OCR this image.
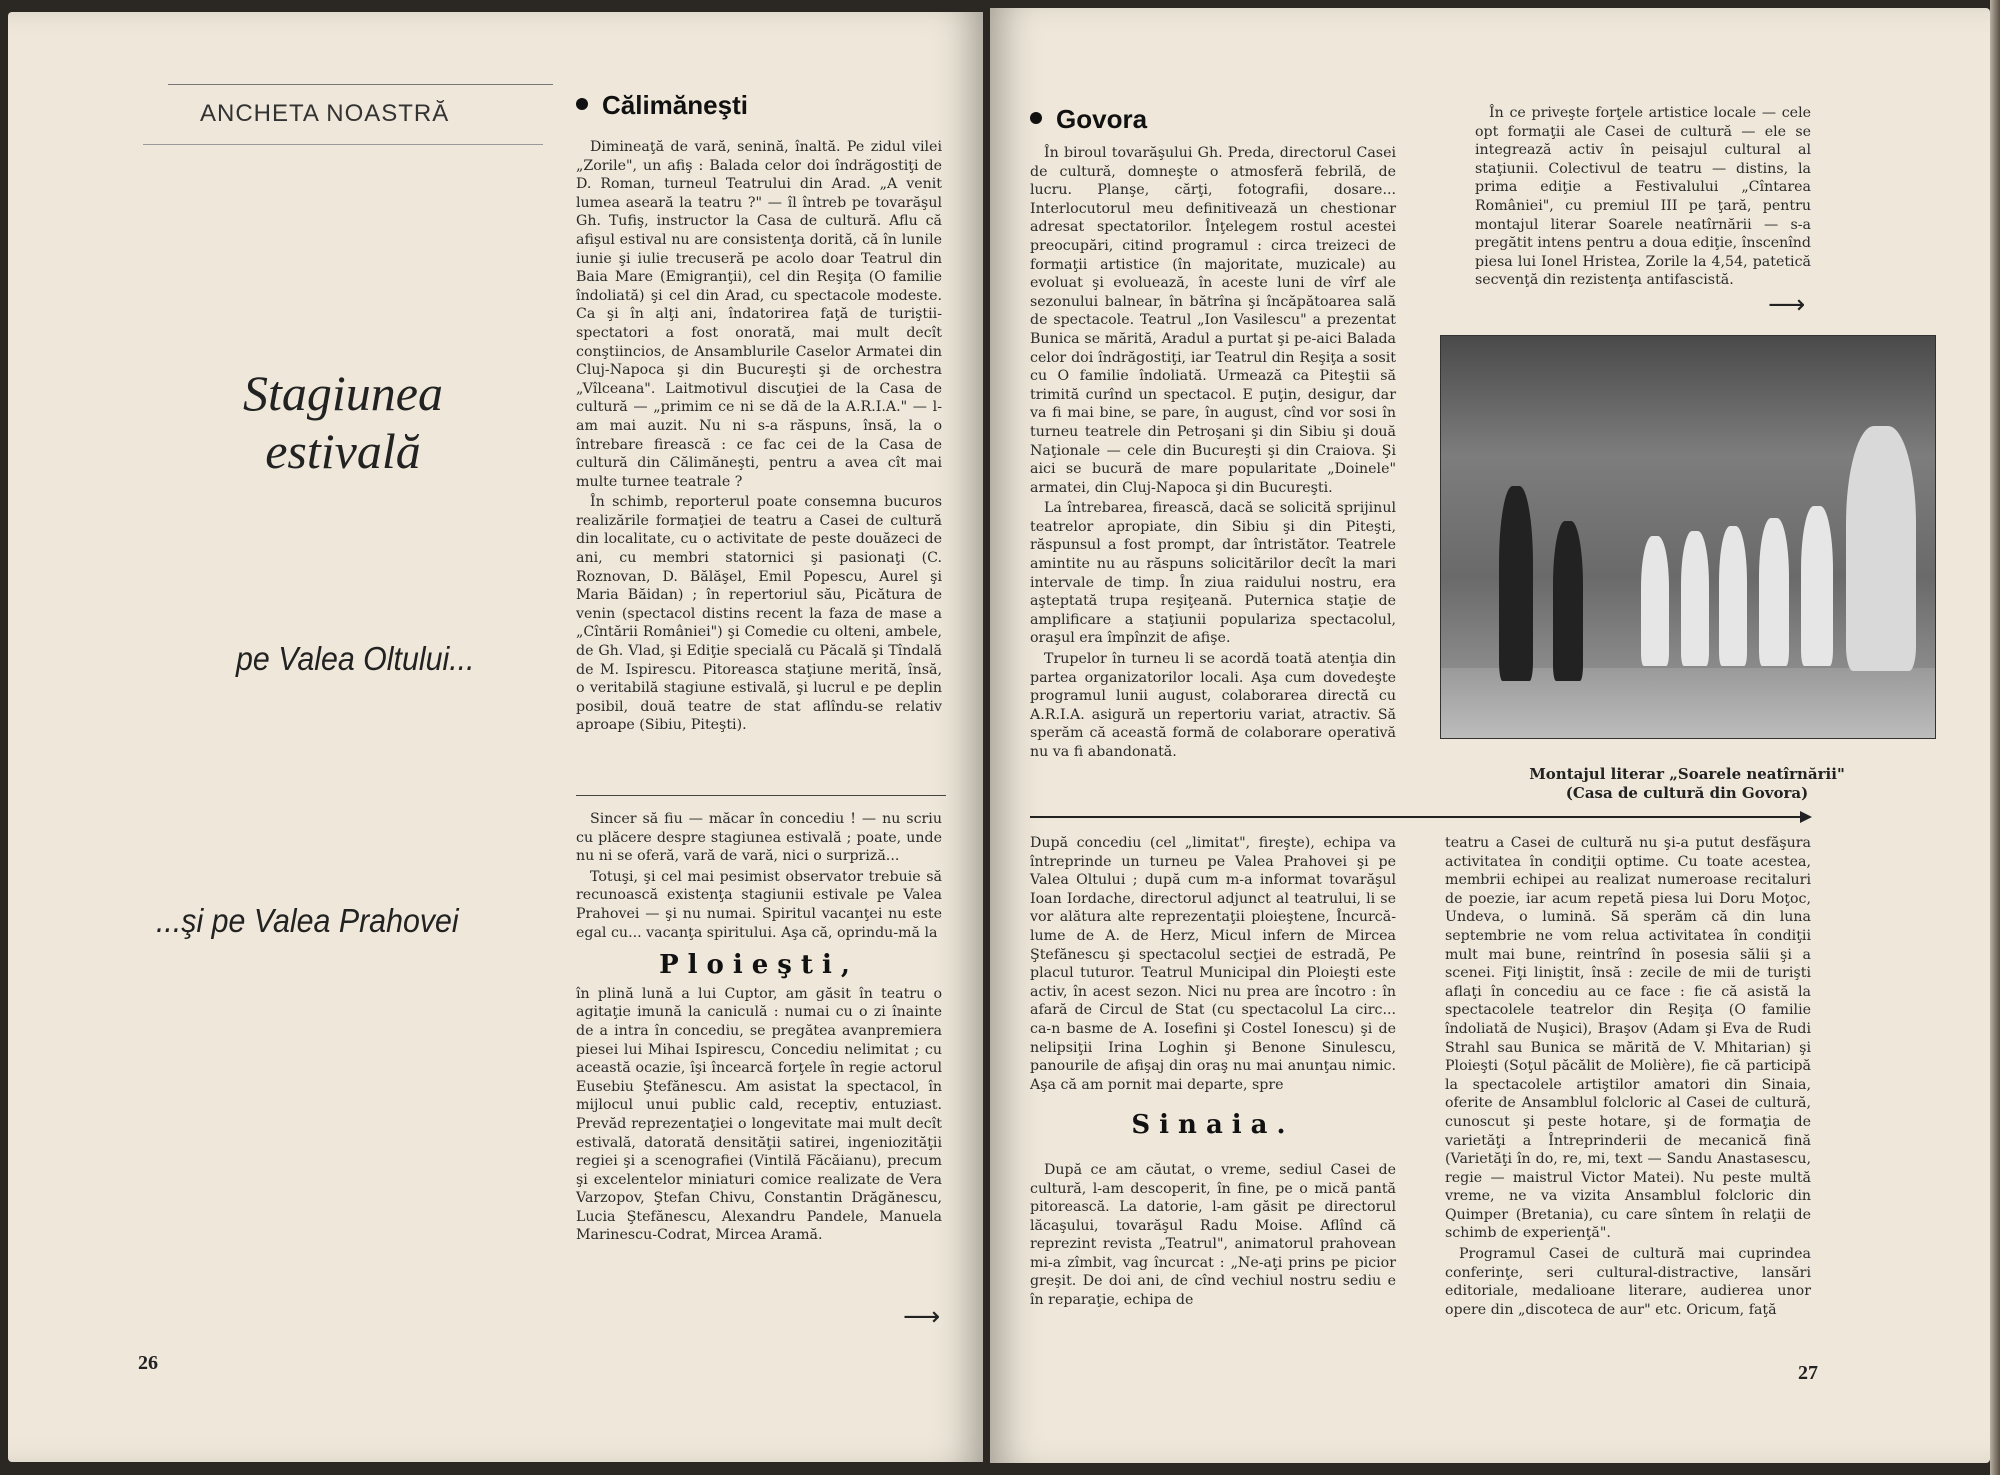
ANCHETA NOASTRĂ
Stagiunea estivală
pe Valea Oltului...
...şi pe Valea Prahovei
Călimăneşti

Dimineaţă de vară, senină, înaltă. Pe zidul vilei „Zorile", un afiş : Balada celor doi îndrăgostiţi de D. Roman, turneul Teatrului din Arad. „A venit lumea aseară la teatru ?" — îl întreb pe tovarăşul Gh. Tufiş, instructor la Casa de cultură. Aflu că afişul estival nu are consistenţa dorită, că în lunile iunie şi iulie trecuseră pe acolo doar Teatrul din Baia Mare (Emigranţii), cel din Reşiţa (O familie îndoliată) şi cel din Arad, cu spectacole modeste. Ca şi în alţi ani, îndatorirea faţă de turiştii-spectatori a fost onorată, mai mult decît conştiincios, de Ansamblurile Caselor Armatei din Cluj-Napoca şi din Bucureşti şi de orchestra „Vîlceana". Laitmotivul discuţiei de la Casa de cultură — „primim ce ni se dă de la A.R.I.A." — l-am mai auzit. Nu ni s-a răspuns, însă, la o întrebare firească : ce fac cei de la Casa de cultură din Călimăneşti, pentru a avea cît mai multe turnee teatrale ?

În schimb, reporterul poate consemna bucuros realizările formaţiei de teatru a Casei de cultură din localitate, cu o activitate de peste douăzeci de ani, cu membri statornici şi pasionaţi (C. Roznovan, D. Bălăşel, Emil Popescu, Aurel şi Maria Băidan) ; în repertoriul său, Picătura de venin (spectacol distins recent la faza de mase a „Cîntării României") şi Comedie cu olteni, ambele, de Gh. Vlad, şi Ediţie specială cu Păcală şi Tîndală de M. Ispirescu. Pitoreasca staţiune merită, însă, o veritabilă stagiune estivală, şi lucrul e pe deplin posibil, două teatre de stat aflîndu-se relativ aproape (Sibiu, Piteşti).

Sincer să fiu — măcar în concediu ! — nu scriu cu plăcere despre stagiunea estivală ; poate, unde nu ni se oferă, vară de vară, nici o surpriză...

Totuşi, şi cel mai pesimist observator trebuie să recunoască existenţa stagiunii estivale pe Valea Prahovei — şi nu numai. Spiritul vacanţei nu este egal cu... vacanţa spiritului. Aşa că, oprindu-mă la

Ploieşti,

în plină lună a lui Cuptor, am găsit în teatru o agitaţie imună la caniculă : numai cu o zi înainte de a intra în concediu, se pregătea avanpremiera piesei lui Mihai Ispirescu, Concediu nelimitat ; cu această ocazie, îşi încearcă forţele în regie actorul Eusebiu Ştefănescu. Am asistat la spectacol, în mijlocul unui public cald, receptiv, entuziast. Prevăd reprezentaţiei o longevitate mai mult decît estivală, datorată densităţii satirei, ingeniozităţii regiei şi a scenografiei (Vintilă Făcăianu), precum şi excelentelor miniaturi comice realizate de Vera Varzopov, Ştefan Chivu, Constantin Drăgănescu, Lucia Ştefănescu, Alexandru Pandele, Manuela Marinescu-Codrat, Mircea Aramă.

⟶
26
Govora

În biroul tovarăşului Gh. Preda, directorul Casei de cultură, domneşte o atmosferă febrilă, de lucru. Planşe, cărţi, fotografii, dosare... Interlocutorul meu definitivează un chestionar adresat spectatorilor. Înţelegem rostul acestei preocupări, citind programul : circa treizeci de formaţii artistice (în majoritate, muzicale) au evoluat şi evoluează, în aceste luni de vîrf ale sezonului balnear, în bătrîna şi încăpătoarea sală de spectacole. Teatrul „Ion Vasilescu" a prezentat Bunica se mărită, Aradul a purtat şi pe-aici Balada celor doi îndrăgostiţi, iar Teatrul din Reşiţa a sosit cu O familie îndoliată. Urmează ca Piteştii să trimită curînd un spectacol. E puţin, desigur, dar va fi mai bine, se pare, în august, cînd vor sosi în turneu teatrele din Petroşani şi din Sibiu şi două Naţionale — cele din Bucureşti şi din Craiova. Şi aici se bucură de mare popularitate „Doinele" armatei, din Cluj-Napoca şi din Bucureşti.

La întrebarea, firească, dacă se solicită sprijinul teatrelor apropiate, din Sibiu şi din Piteşti, răspunsul a fost prompt, dar întristător. Teatrele amintite nu au răspuns solicitărilor decît la mari intervale de timp. În ziua raidului nostru, era aşteptată trupa reşiţeană. Puternica staţie de amplificare a staţiunii populariza spectacolul, oraşul era împînzit de afişe.

Trupelor în turneu li se acordă toată atenţia din partea organizatorilor locali. Aşa cum dovedeşte programul lunii august, colaborarea directă cu A.R.I.A. asigură un repertoriu variat, atractiv. Să sperăm că această formă de colaborare operativă nu va fi abandonată.

În ce priveşte forţele artistice locale — cele opt formaţii ale Casei de cultură — ele se integrează activ în peisajul cultural al staţiunii. Colectivul de teatru — distins, la prima ediţie a Festivalului „Cîntarea României", cu premiul III pe ţară, pentru montajul literar Soarele neatîrnării — s-a pregătit intens pentru a doua ediţie, înscenînd piesa lui Ionel Hristea, Zorile la 4,54, patetică secvenţă din rezistenţa antifascistă.

⟶
Montajul literar „Soarele neatîrnării"
(Casa de cultură din Govora)

După concediu (cel „limitat", fireşte), echipa va întreprinde un turneu pe Valea Prahovei şi pe Valea Oltului ; după cum m-a informat tovarăşul Ioan Iordache, directorul adjunct al teatrului, li se vor alătura alte reprezentaţii ploieştene, Încurcă-lume de A. de Herz, Micul infern de Mircea Ştefănescu şi spectacolul secţiei de estradă, Pe placul tuturor. Teatrul Municipal din Ploieşti este activ, în acest sezon. Nici nu prea are încotro : în afară de Circul de Stat (cu spectacolul La circ... ca-n basme de A. Iosefini şi Costel Ionescu) şi de nelipsiţii Irina Loghin şi Benone Sinulescu, panourile de afişaj din oraş nu mai anunţau nimic. Aşa că am pornit mai departe, spre

Sinaia.

După ce am căutat, o vreme, sediul Casei de cultură, l-am descoperit, în fine, pe o mică pantă pitorească. La datorie, l-am găsit pe directorul lăcaşului, tovarăşul Radu Moise. Aflînd că reprezint revista „Teatrul", animatorul prahovean mi-a zîmbit, vag încurcat : „Ne-aţi prins pe picior greşit. De doi ani, de cînd vechiul nostru sediu e în reparaţie, echipa de

teatru a Casei de cultură nu şi-a putut desfăşura activitatea în condiţii optime. Cu toate acestea, membrii echipei au realizat numeroase recitaluri de poezie, iar acum repetă piesa lui Doru Moţoc, Undeva, o lumină. Să sperăm că din luna septembrie ne vom relua activitatea în condiţii mult mai bune, reintrînd în posesia sălii şi a scenei. Fiţi liniştit, însă : zecile de mii de turişti aflaţi în concediu au ce face : fie că asistă la spectacolele teatrelor din Reşiţa (O familie îndoliată de Nuşici), Braşov (Adam şi Eva de Rudi Strahl sau Bunica se mărită de V. Mhitarian) şi Ploieşti (Soţul păcălit de Molière), fie că participă la spectacolele artiştilor amatori din Sinaia, oferite de Ansamblul folcloric al Casei de cultură, cunoscut şi peste hotare, şi de formaţia de varietăţi a Întreprinderii de mecanică fină (Varietăţi în do, re, mi, text — Sandu Anastasescu, regie — maistrul Victor Matei). Nu peste multă vreme, ne va vizita Ansamblul folcloric din Quimper (Bretania), cu care sîntem în relaţii de schimb de experienţă".

Programul Casei de cultură mai cuprindea conferinţe, seri cultural-distractive, lansări editoriale, medalioane literare, audierea unor opere din „discoteca de aur" etc. Oricum, faţă

27
